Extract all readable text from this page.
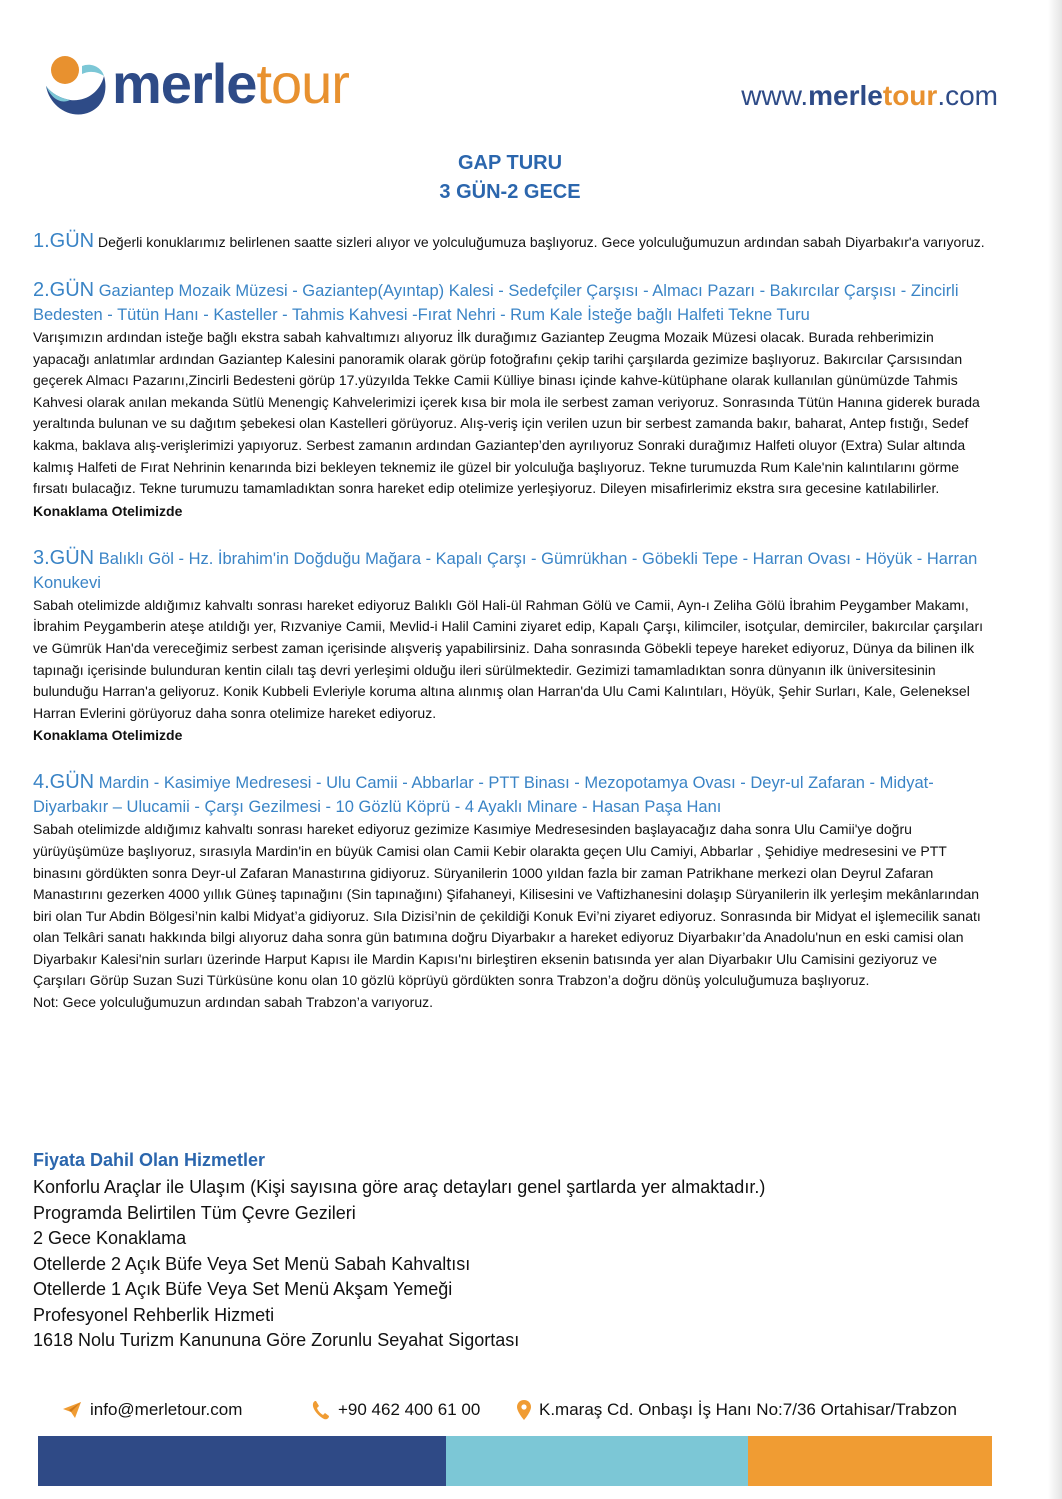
merletour	www.merletour.com
GAP TURU
3 GÜN-2 GECE
1.GÜN Değerli konuklarımız belirlenen saatte sizleri alıyor ve yolculuğumuza başlıyoruz. Gece yolculuğumuzun ardından sabah Diyarbakır'a varıyoruz.
2.GÜN Gaziantep Mozaik Müzesi - Gaziantep(Ayıntap) Kalesi - Sedefçiler Çarşısı - Almacı Pazarı - Bakırcılar Çarşısı - Zincirli Bedesten - Tütün Hanı - Kasteller - Tahmis Kahvesi -Fırat Nehri - Rum Kale İsteğe bağlı Halfeti Tekne Turu
Varışımızın ardından isteğe bağlı ekstra sabah kahvaltımızı alıyoruz İlk durağımız Gaziantep Zeugma Mozaik Müzesi olacak. Burada rehberimizin yapacağı anlatımlar ardından Gaziantep Kalesini panoramik olarak görüp fotoğrafını çekip tarihi çarşılarda gezimize başlıyoruz. Bakırcılar Çarsısından geçerek Almacı Pazarını,Zincirli Bedesteni görüp 17.yüzyılda Tekke Camii Külliye binası içinde kahve-kütüphane olarak kullanılan günümüzde Tahmis Kahvesi olarak anılan mekanda Sütlü Menengiç Kahvelerimizi içerek kısa bir mola ile serbest zaman veriyoruz. Sonrasında Tütün Hanına giderek burada yeraltında bulunan ve su dağıtım şebekesi olan Kastelleri görüyoruz. Alış-veriş için verilen uzun bir serbest zamanda bakır, baharat, Antep fıstığı, Sedef kakma, baklava alış-verişlerimizi yapıyoruz. Serbest zamanın ardından Gaziantep’den ayrılıyoruz Sonraki durağımız Halfeti oluyor (Extra) Sular altında kalmış Halfeti de Fırat Nehrinin kenarında bizi bekleyen teknemiz ile güzel bir yolculuğa başlıyoruz. Tekne turumuzda Rum Kale'nin kalıntılarını görme fırsatı bulacağız. Tekne turumuzu tamamladıktan sonra hareket edip otelimize yerleşiyoruz. Dileyen misafirlerimiz ekstra sıra gecesine katılabilirler.
Konaklama Otelimizde
3.GÜN Balıklı Göl - Hz. İbrahim'in Doğduğu Mağara - Kapalı Çarşı - Gümrükhan - Göbekli Tepe - Harran Ovası - Höyük - Harran Konukevi
Sabah otelimizde aldığımız kahvaltı sonrası hareket ediyoruz Balıklı Göl Hali-ül Rahman Gölü ve Camii, Ayn-ı Zeliha Gölü İbrahim Peygamber Makamı, İbrahim Peygamberin ateşe atıldığı yer, Rızvaniye Camii, Mevlid-i Halil Camini ziyaret edip, Kapalı Çarşı, kilimciler, isotçular, demirciler, bakırcılar çarşıları ve Gümrük Han'da vereceğimiz serbest zaman içerisinde alışveriş yapabilirsiniz. Daha sonrasında Göbekli tepeye hareket ediyoruz, Dünya da bilinen ilk tapınağı içerisinde bulunduran kentin cilalı taş devri yerleşimi olduğu ileri sürülmektedir. Gezimizi tamamladıktan sonra dünyanın ilk üniversitesinin bulunduğu Harran'a geliyoruz. Konik Kubbeli Evleriyle koruma altına alınmış olan Harran'da Ulu Cami Kalıntıları, Höyük, Şehir Surları, Kale, Geleneksel Harran Evlerini görüyoruz daha sonra otelimize hareket ediyoruz.
Konaklama Otelimizde
4.GÜN Mardin - Kasimiye Medresesi - Ulu Camii - Abbarlar - PTT Binası - Mezopotamya Ovası - Deyr-ul Zafaran - Midyat- Diyarbakır – Ulucamii - Çarşı Gezilmesi - 10 Gözlü Köprü - 4 Ayaklı Minare - Hasan Paşa Hanı
Sabah otelimizde aldığımız kahvaltı sonrası hareket ediyoruz gezimize Kasımiye Medresesinden başlayacağız daha sonra Ulu Camii'ye doğru yürüyüşümüze başlıyoruz, sırasıyla Mardin'in en büyük Camisi olan Camii Kebir olarakta geçen Ulu Camiyi, Abbarlar , Şehidiye medresesini ve PTT binasını gördükten sonra Deyr-ul Zafaran Manastırına gidiyoruz. Süryanilerin 1000 yıldan fazla bir zaman Patrikhane merkezi olan Deyrul Zafaran Manastırını gezerken 4000 yıllık Güneş tapınağını (Sin tapınağını) Şifahaneyi, Kilisesini ve Vaftizhanesini dolaşıp Süryanilerin ilk yerleşim mekânlarından biri olan Tur Abdin Bölgesi’nin kalbi Midyat’a gidiyoruz. Sıla Dizisi’nin de çekildiği Konuk Evi’ni ziyaret ediyoruz. Sonrasında bir Midyat el işlemecilik sanatı olan Telkâri sanatı hakkında bilgi alıyoruz daha sonra gün batımına doğru Diyarbakır a hareket ediyoruz Diyarbakır’da Anadolu'nun en eski camisi olan Diyarbakır Kalesi'nin surları üzerinde Harput Kapısı ile Mardin Kapısı'nı birleştiren eksenin batısında yer alan Diyarbakır Ulu Camisini geziyoruz ve Çarşıları Görüp Suzan Suzi Türküsüne konu olan 10 gözlü köprüyü gördükten sonra Trabzon’a doğru dönüş yolculuğumuza başlıyoruz.
Not: Gece yolculuğumuzun ardından sabah Trabzon’a varıyoruz.
Fiyata Dahil Olan Hizmetler
Konforlu Araçlar ile Ulaşım (Kişi sayısına göre araç detayları genel şartlarda yer almaktadır.)
Programda Belirtilen Tüm Çevre Gezileri
2 Gece Konaklama
Otellerde 2 Açık Büfe Veya Set Menü Sabah Kahvaltısı
Otellerde 1 Açık Büfe Veya Set Menü Akşam Yemeği
Profesyonel Rehberlik Hizmeti
1618 Nolu Turizm Kanununa Göre Zorunlu Seyahat Sigortası
info@merletour.com	+90 462 400 61 00	K.maraş Cd. Onbaşı İş Hanı No:7/36 Ortahisar/Trabzon
